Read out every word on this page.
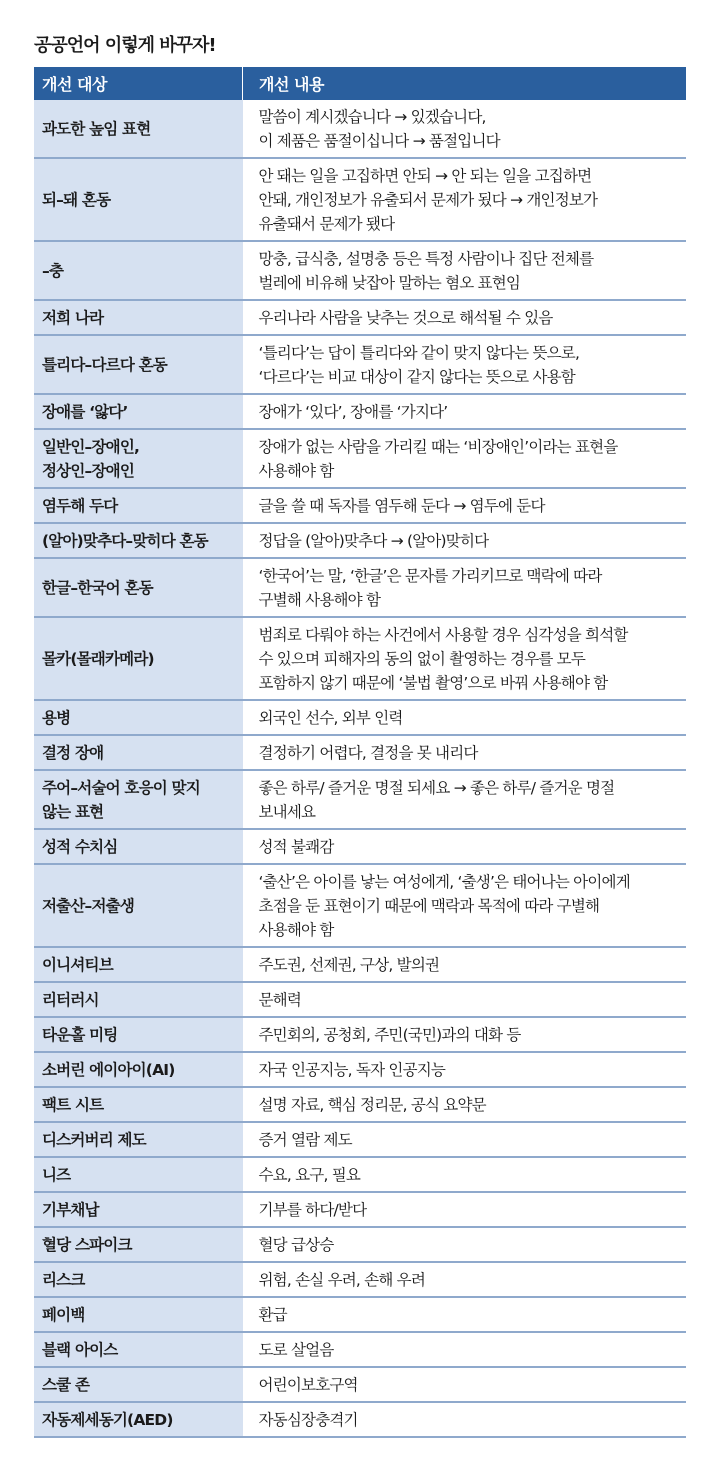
공공언어 이렇게 바꾸자!
개선 대상	개선 내용

과도한 높임 표현	말씀이 계시겠습니다 → 있겠습니다,
이 제품은 품절이십니다 → 품절입니다

되–돼 혼동	안 돼는 일을 고집하면 안되 → 안 되는 일을 고집하면
안돼, 개인정보가 유출되서 문제가 됬다 → 개인정보가
유출돼서 문제가 됐다

–충	망충, 급식충, 설명충 등은 특정 사람이나 집단 전체를
벌레에 비유해 낮잡아 말하는 혐오 표현임

저희 나라	우리나라 사람을 낮추는 것으로 해석될 수 있음

틀리다–다르다 혼동	‘틀리다’는 답이 틀리다와 같이 맞지 않다는 뜻으로,
‘다르다’는 비교 대상이 같지 않다는 뜻으로 사용함

장애를 ‘앓다’	장애가 ‘있다’, 장애를 ‘가지다’

일반인–장애인,
정상인–장애인	장애가 없는 사람을 가리킬 때는 ‘비장애인’이라는 표현을
사용해야 함

염두해 두다	글을 쓸 때 독자를 염두해 둔다 → 염두에 둔다

(알아)맞추다–맞히다 혼동	정답을 (알아)맞추다 → (알아)맞히다

한글–한국어 혼동	‘한국어’는 말, ‘한글’은 문자를 가리키므로 맥락에 따라
구별해 사용해야 함

몰카(몰래카메라)	범죄로 다뤄야 하는 사건에서 사용할 경우 심각성을 희석할
수 있으며 피해자의 동의 없이 촬영하는 경우를 모두
포함하지 않기 때문에 ‘불법 촬영’으로 바꿔 사용해야 함

용병	외국인 선수, 외부 인력

결정 장애	결정하기 어렵다, 결정을 못 내리다

주어–서술어 호응이 맞지
않는 표현	좋은 하루/ 즐거운 명절 되세요 → 좋은 하루/ 즐거운 명절
보내세요

성적 수치심	성적 불쾌감

저출산–저출생	‘출산’은 아이를 낳는 여성에게, ‘출생’은 태어나는 아이에게
초점을 둔 표현이기 때문에 맥락과 목적에 따라 구별해
사용해야 함

이니셔티브	주도권, 선제권, 구상, 발의권

리터러시	문해력

타운홀 미팅	주민회의, 공청회, 주민(국민)과의 대화 등

소버린 에이아이(AI)	자국 인공지능, 독자 인공지능

팩트 시트	설명 자료, 핵심 정리문, 공식 요약문

디스커버리 제도	증거 열람 제도

니즈	수요, 요구, 필요

기부채납	기부를 하다/받다

혈당 스파이크	혈당 급상승

리스크	위험, 손실 우려, 손해 우려

페이백	환급

블랙 아이스	도로 살얼음

스쿨 존	어린이보호구역

자동제세동기(AED)	자동심장충격기
